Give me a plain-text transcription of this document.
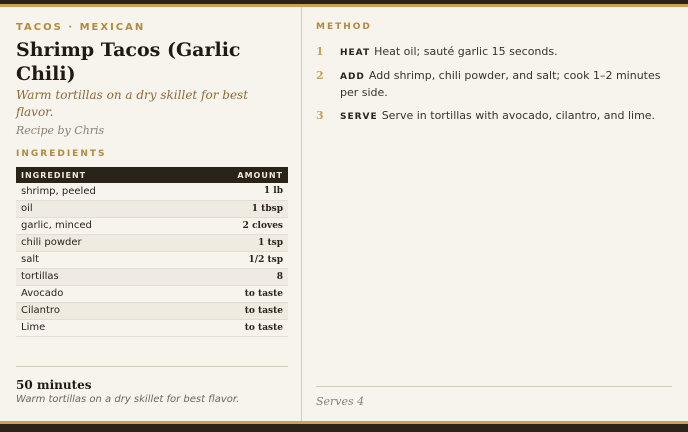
TACOS · MEXICAN
Shrimp Tacos (Garlic Chili)
Warm tortillas on a dry skillet for best flavor.
Recipe by Chris
INGREDIENTS
INGREDIENT	AMOUNT
shrimp, peeled	1 lb
oil	1 tbsp
garlic, minced	2 cloves
chili powder	1 tsp
salt	1/2 tsp
tortillas	8
Avocado	to taste
Cilantro	to taste
Lime	to taste
50 minutes
Warm tortillas on a dry skillet for best flavor.
METHOD
1	HEAT Heat oil; sauté garlic 15 seconds.
2	ADD Add shrimp, chili powder, and salt; cook 1–2 minutes per side.
3	SERVE Serve in tortillas with avocado, cilantro, and lime.
Serves 4
